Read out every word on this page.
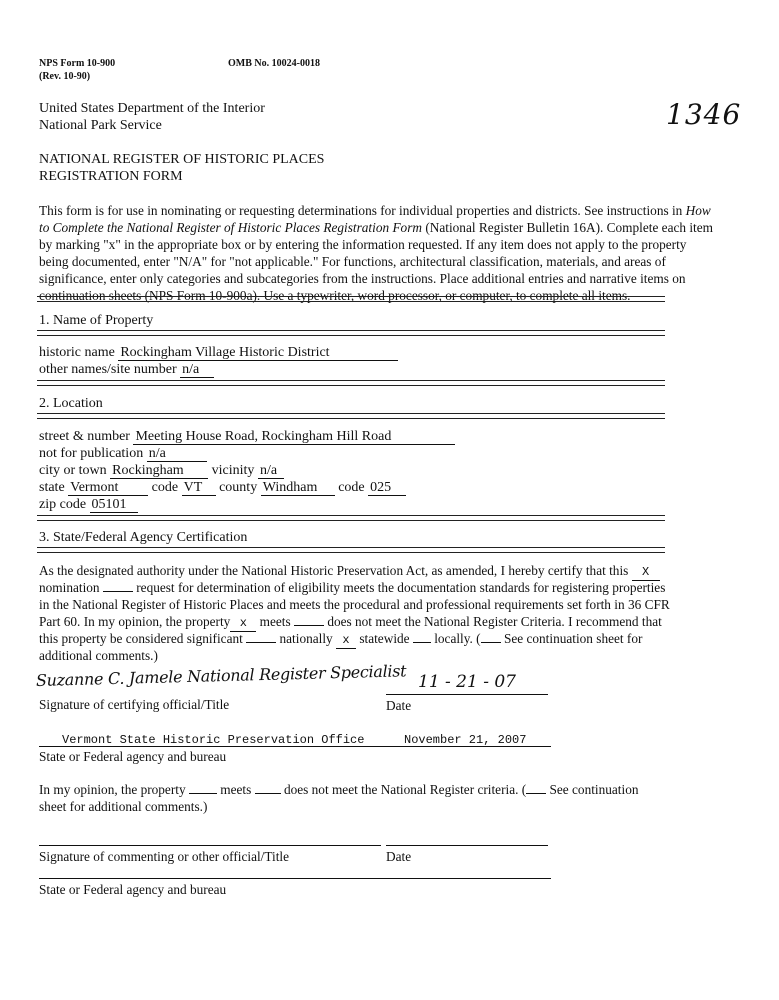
NPS Form 10-900
(Rev. 10-90)
OMB No. 10024-0018
United States Department of the Interior
National Park Service	1346
NATIONAL REGISTER OF HISTORIC PLACES
REGISTRATION FORM
This form is for use in nominating or requesting determinations for individual properties and districts. See instructions in How to Complete the National Register of Historic Places Registration Form (National Register Bulletin 16A). Complete each item by marking "x" in the appropriate box or by entering the information requested. If any item does not apply to the property being documented, enter "N/A" for "not applicable." For functions, architectural classification, materials, and areas of significance, enter only categories and subcategories from the instructions. Place additional entries and narrative items on continuation sheets (NPS Form 10-900a). Use a typewriter, word processor, or computer, to complete all items.
1. Name of Property
historic name Rockingham Village Historic District
other names/site number n/a
2. Location
street & number Meeting House Road, Rockingham Hill Road
not for publication n/a
city or town Rockingham vicinity n/a
state Vermont code VT county Windham code 025
zip code 05101
3. State/Federal Agency Certification
As the designated authority under the National Historic Preservation Act, as amended, I hereby certify that this X
nomination	request for determination of eligibility meets the documentation standards for registering properties
in the National Register of Historic Places and meets the procedural and professional requirements set forth in 36 CFR
Part 60. In my opinion, the property x meets	does not meet the National Register Criteria. I recommend that
this property be considered significant	nationally x statewide locally. ( See continuation sheet for
additional comments.)
Suzanne C. Jamele National Register Specialist 11 - 21 - 07
Signature of certifying official/Title	Date
Vermont State Historic Preservation Office	November 21, 2007
State or Federal agency and bureau
In my opinion, the property	meets does not meet the National Register criteria. ( See continuation
sheet for additional comments.)
Signature of commenting or other official/Title	Date
State or Federal agency and bureau
